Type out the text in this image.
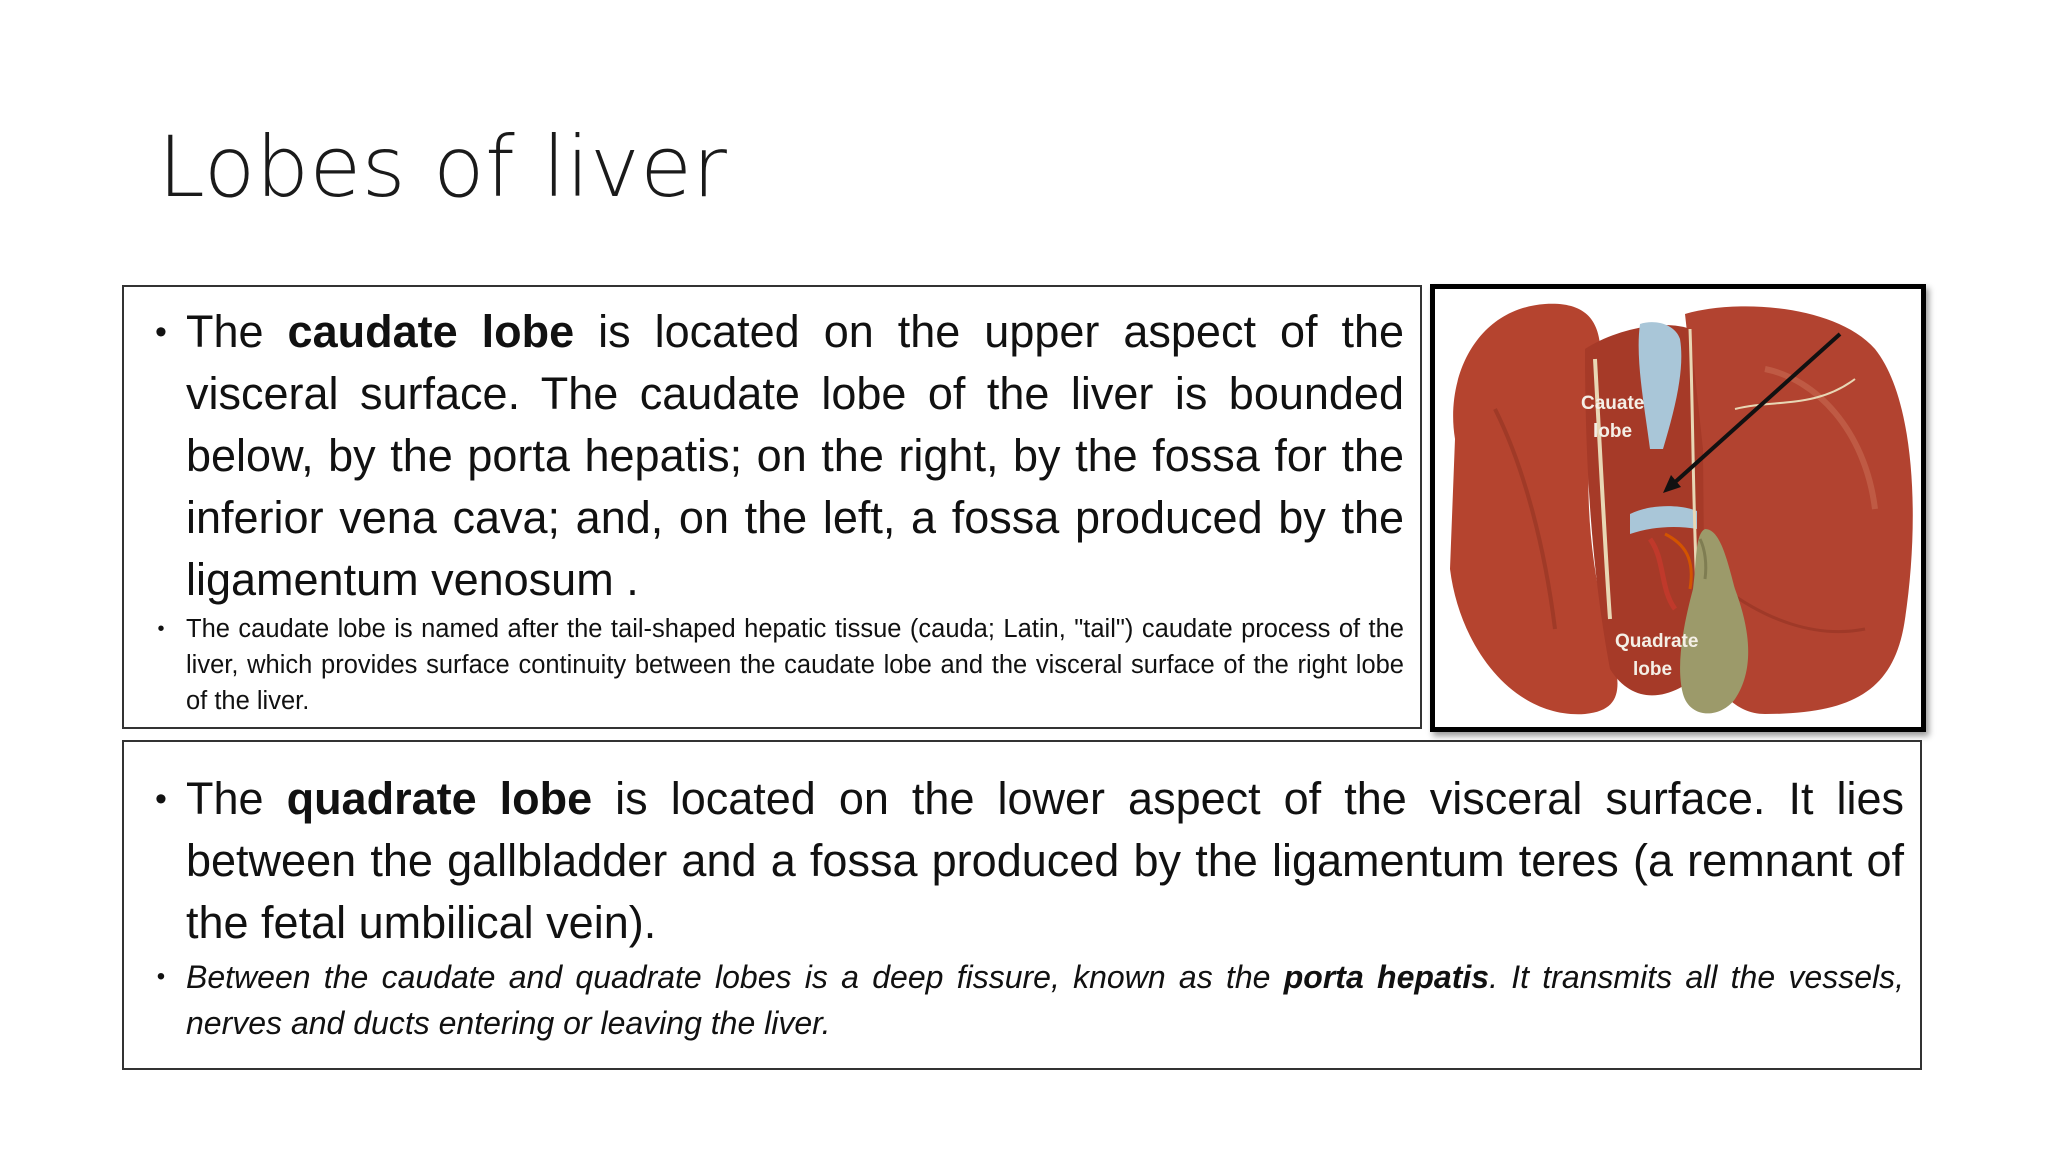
Lobes of liver
• The caudate lobe is located on the upper aspect of the visceral surface. The caudate lobe of the liver is bounded below, by the porta hepatis; on the right, by the fossa for the inferior vena cava; and, on the left, a fossa produced by the ligamentum venosum .
• The caudate lobe is named after the tail-shaped hepatic tissue (cauda; Latin, "tail") caudate process of the liver, which provides surface continuity between the caudate lobe and the visceral surface of the right lobe of the liver.
Cauate
lobe
Quadrate
lobe
• The quadrate lobe is located on the lower aspect of the visceral surface. It lies between the gallbladder and a fossa produced by the ligamentum teres (a remnant of the fetal umbilical vein).
• Between the caudate and quadrate lobes is a deep fissure, known as the porta hepatis. It transmits all the vessels, nerves and ducts entering or leaving the liver.
